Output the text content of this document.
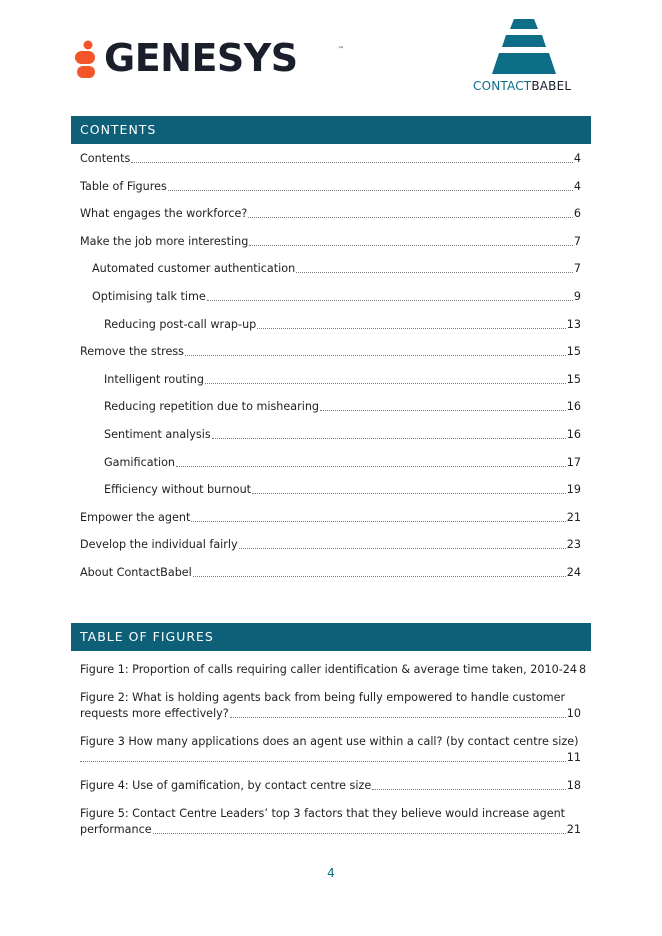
GENESYS	™
CONTACTBABEL
CONTENTS
Contents	4
Table of Figures	4
What engages the workforce?	6
Make the job more interesting	7
Automated customer authentication	7
Optimising talk time	9
Reducing post-call wrap-up	13
Remove the stress	15
Intelligent routing	15
Reducing repetition due to mishearing	16
Sentiment analysis	16
Gamification	17
Efficiency without burnout	19
Empower the agent	21
Develop the individual fairly	23
About ContactBabel	24
TABLE OF FIGURES
Figure 1: Proportion of calls requiring caller identification & average time taken, 2010-24 8
Figure 2: What is holding agents back from being fully empowered to handle customer
requests more effectively?	10
Figure 3 How many applications does an agent use within a call? (by contact centre size)
11
Figure 4: Use of gamification, by contact centre size	18
Figure 5: Contact Centre Leaders’ top 3 factors that they believe would increase agent
performance	21
4
